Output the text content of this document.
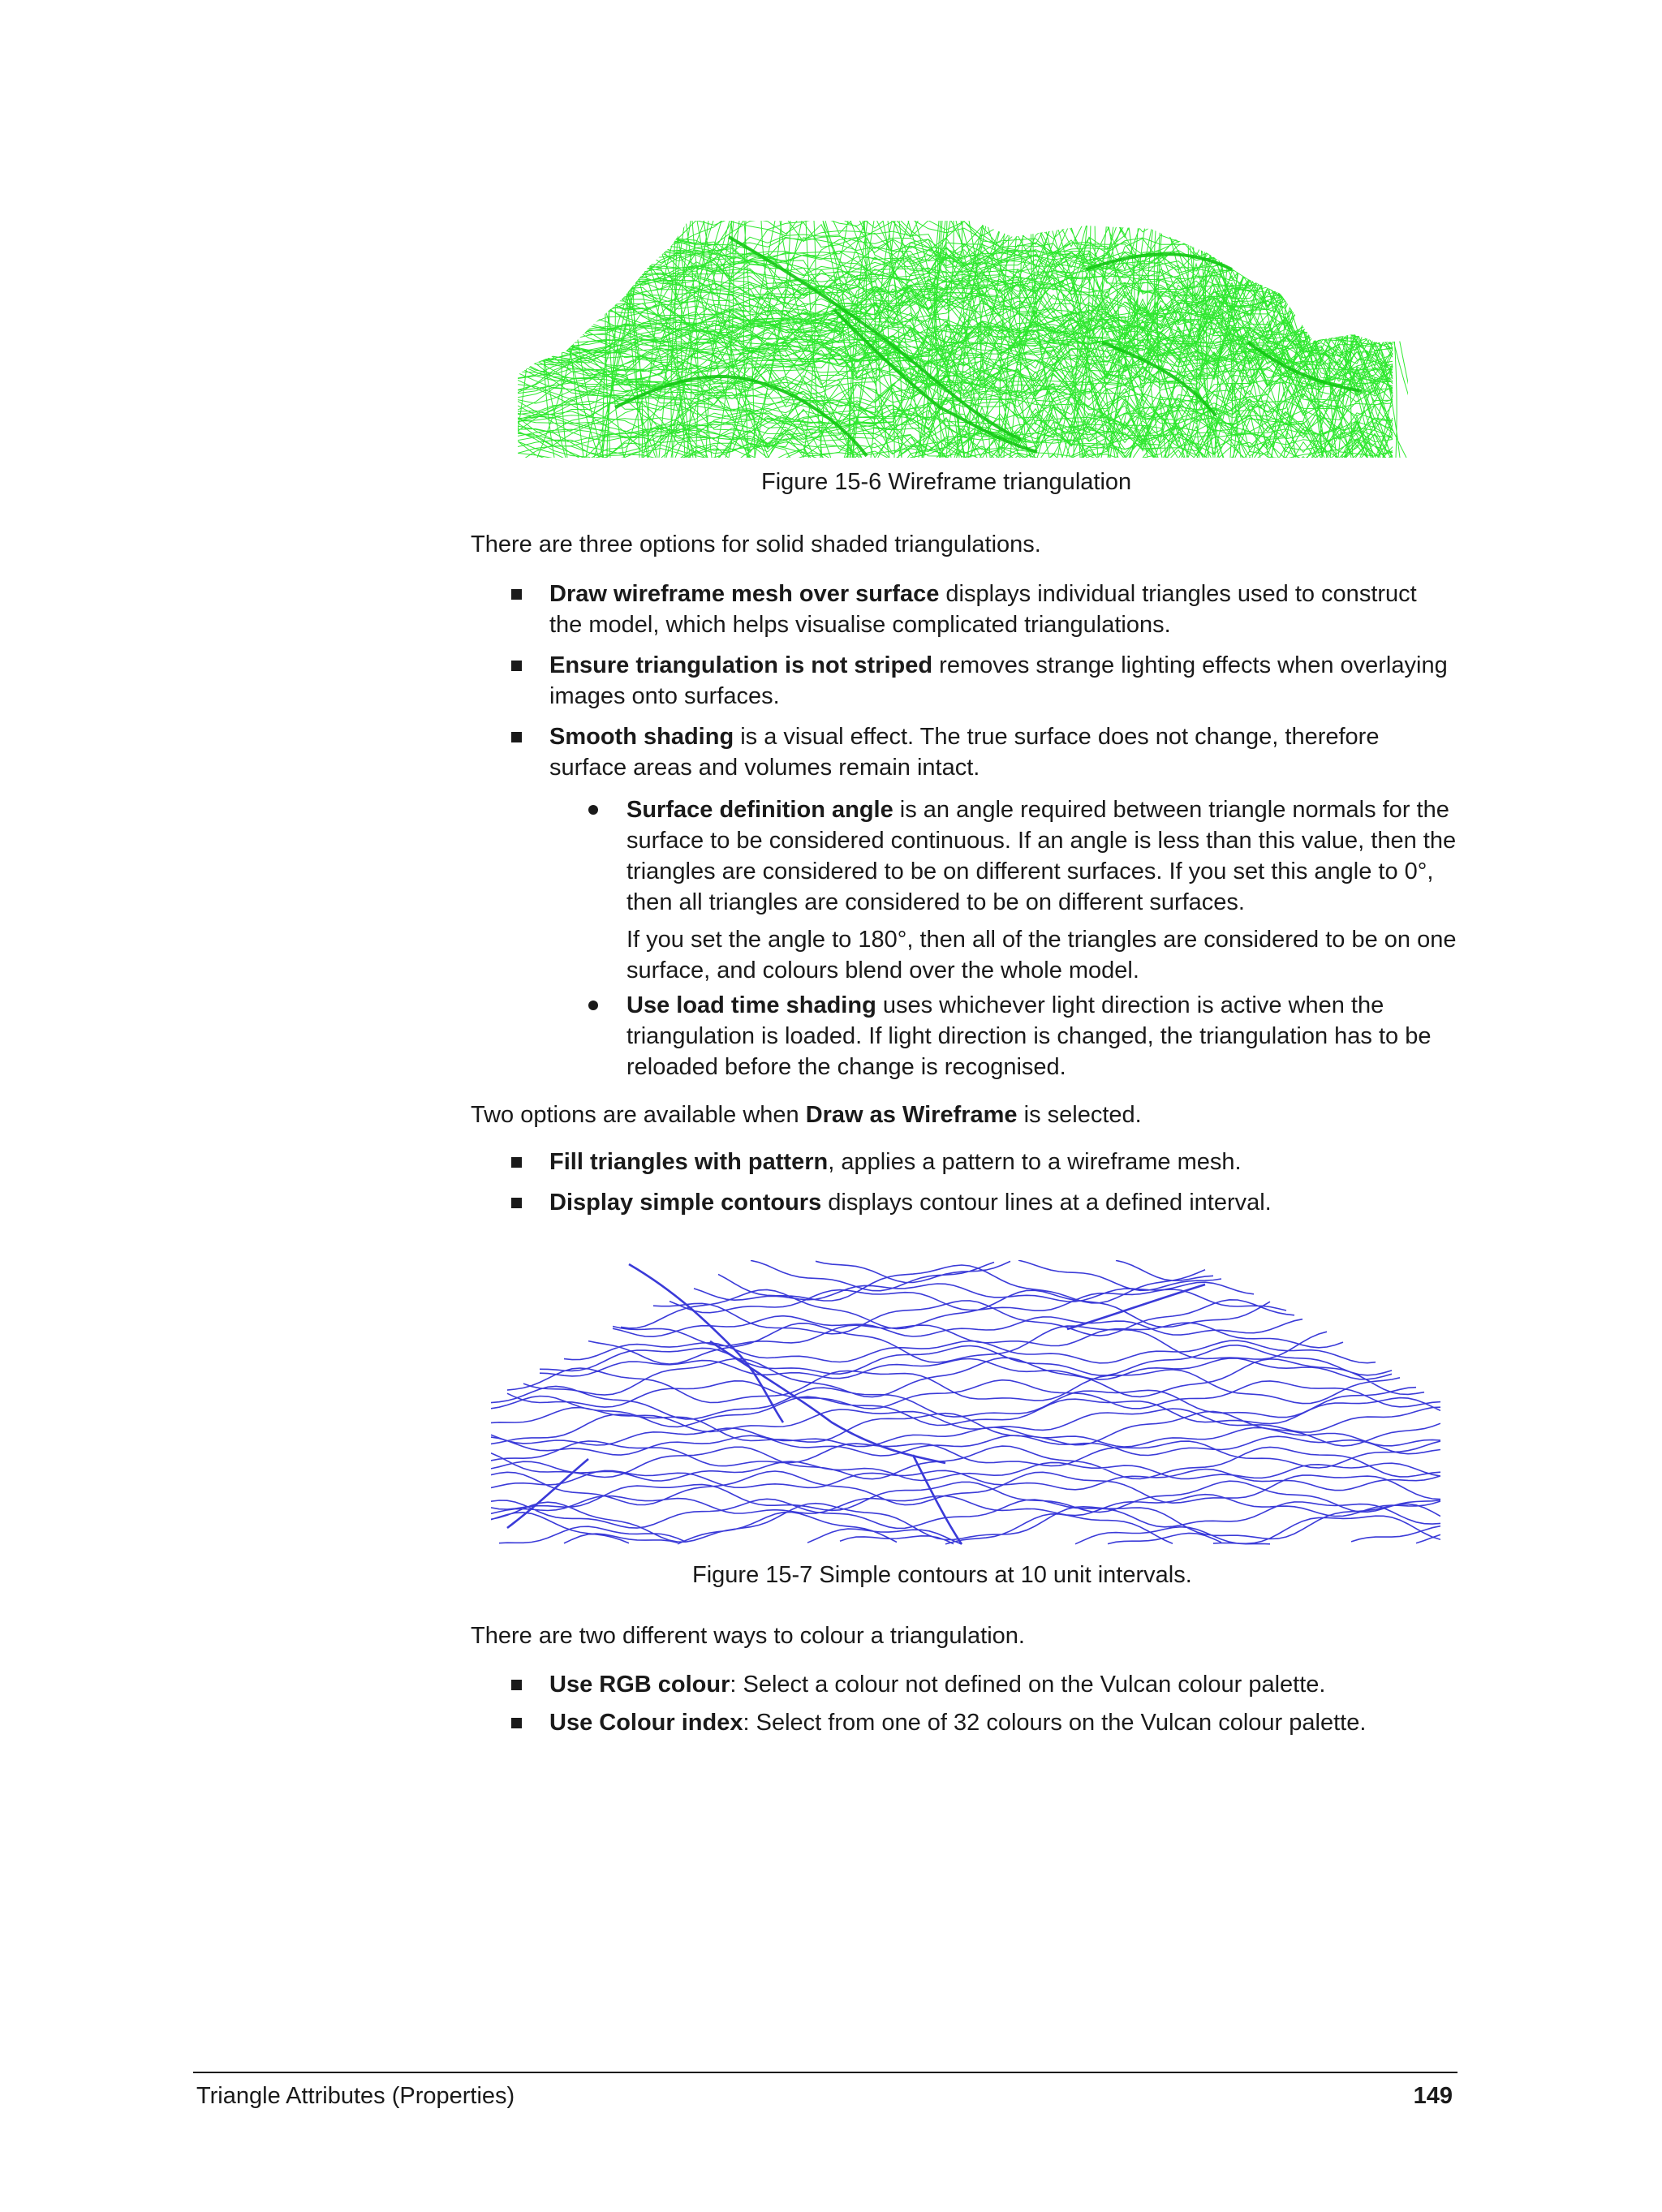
Figure 15-6 Wireframe triangulation
There are three options for solid shaded triangulations.
Draw wireframe mesh over surface displays individual triangles used to construct the model, which helps visualise complicated triangulations.
Ensure triangulation is not striped removes strange lighting effects when overlaying images onto surfaces.
Smooth shading is a visual effect. The true surface does not change, therefore surface areas and volumes remain intact.
Surface definition angle is an angle required between triangle normals for the surface to be considered continuous. If an angle is less than this value, then the triangles are considered to be on different surfaces. If you set this angle to 0°, then all triangles are considered to be on different surfaces.
If you set the angle to 180°, then all of the triangles are considered to be on one surface, and colours blend over the whole model.
Use load time shading uses whichever light direction is active when the triangulation is loaded. If light direction is changed, the triangulation has to be reloaded before the change is recognised.
Two options are available when Draw as Wireframe is selected.
Fill triangles with pattern, applies a pattern to a wireframe mesh.
Display simple contours displays contour lines at a defined interval.
Figure 15-7 Simple contours at 10 unit intervals.
There are two different ways to colour a triangulation.
Use RGB colour: Select a colour not defined on the Vulcan colour palette.
Use Colour index: Select from one of 32 colours on the Vulcan colour palette.
Triangle Attributes (Properties)	149
